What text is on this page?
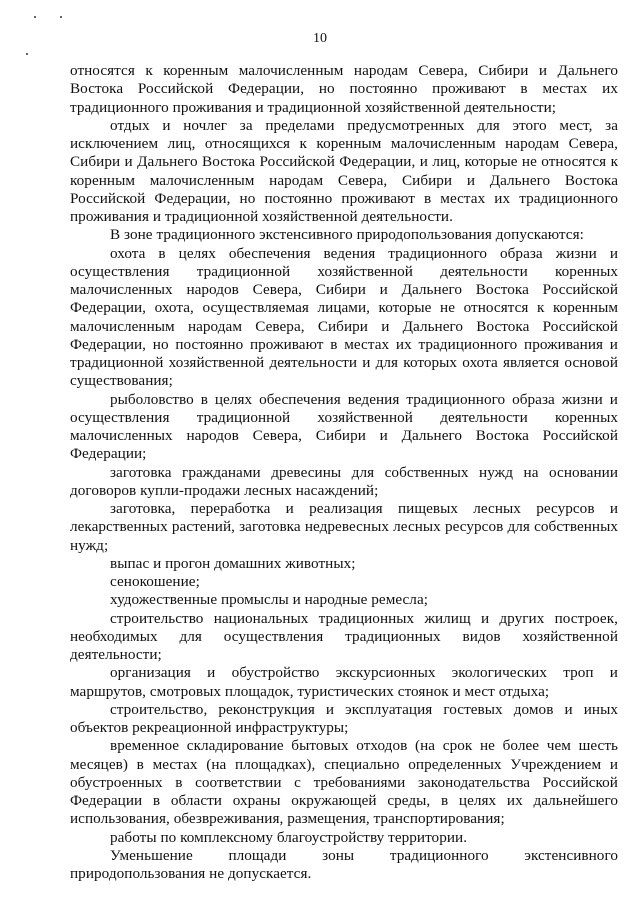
10

относятся к коренным малочисленным народам Севера, Сибири и Дальнего Востока Российской Федерации, но постоянно проживают в местах их традиционного проживания и традиционной хозяйственной деятельности;

отдых и ночлег за пределами предусмотренных для этого мест, за исключением лиц, относящихся к коренным малочисленным народам Севера, Сибири и Дальнего Востока Российской Федерации, и лиц, которые не относятся к коренным малочисленным народам Севера, Сибири и Дальнего Востока Российской Федерации, но постоянно проживают в местах их традиционного проживания и традиционной хозяйственной деятельности.

В зоне традиционного экстенсивного природопользования допускаются:

охота в целях обеспечения ведения традиционного образа жизни и осуществления традиционной хозяйственной деятельности коренных малочисленных народов Севера, Сибири и Дальнего Востока Российской Федерации, охота, осуществляемая лицами, которые не относятся к коренным малочисленным народам Севера, Сибири и Дальнего Востока Российской Федерации, но постоянно проживают в местах их традиционного проживания и традиционной хозяйственной деятельности и для которых охота является основой существования;

рыболовство в целях обеспечения ведения традиционного образа жизни и осуществления традиционной хозяйственной деятельности коренных малочисленных народов Севера, Сибири и Дальнего Востока Российской Федерации;

заготовка гражданами древесины для собственных нужд на основании договоров купли-продажи лесных насаждений;

заготовка, переработка и реализация пищевых лесных ресурсов и лекарственных растений, заготовка недревесных лесных ресурсов для собственных нужд;

выпас и прогон домашних животных;

сенокошение;

художественные промыслы и народные ремесла;

строительство национальных традиционных жилищ и других построек, необходимых для осуществления традиционных видов хозяйственной деятельности;

организация и обустройство экскурсионных экологических троп и маршрутов, смотровых площадок, туристических стоянок и мест отдыха;

строительство, реконструкция и эксплуатация гостевых домов и иных объектов рекреационной инфраструктуры;

временное складирование бытовых отходов (на срок не более чем шесть месяцев) в местах (на площадках), специально определенных Учреждением и обустроенных в соответствии с требованиями законодательства Российской Федерации в области охраны окружающей среды, в целях их дальнейшего использования, обезвреживания, размещения, транспортирования;

работы по комплексному благоустройству территории.

Уменьшение площади зоны традиционного экстенсивного природопользования не допускается.
